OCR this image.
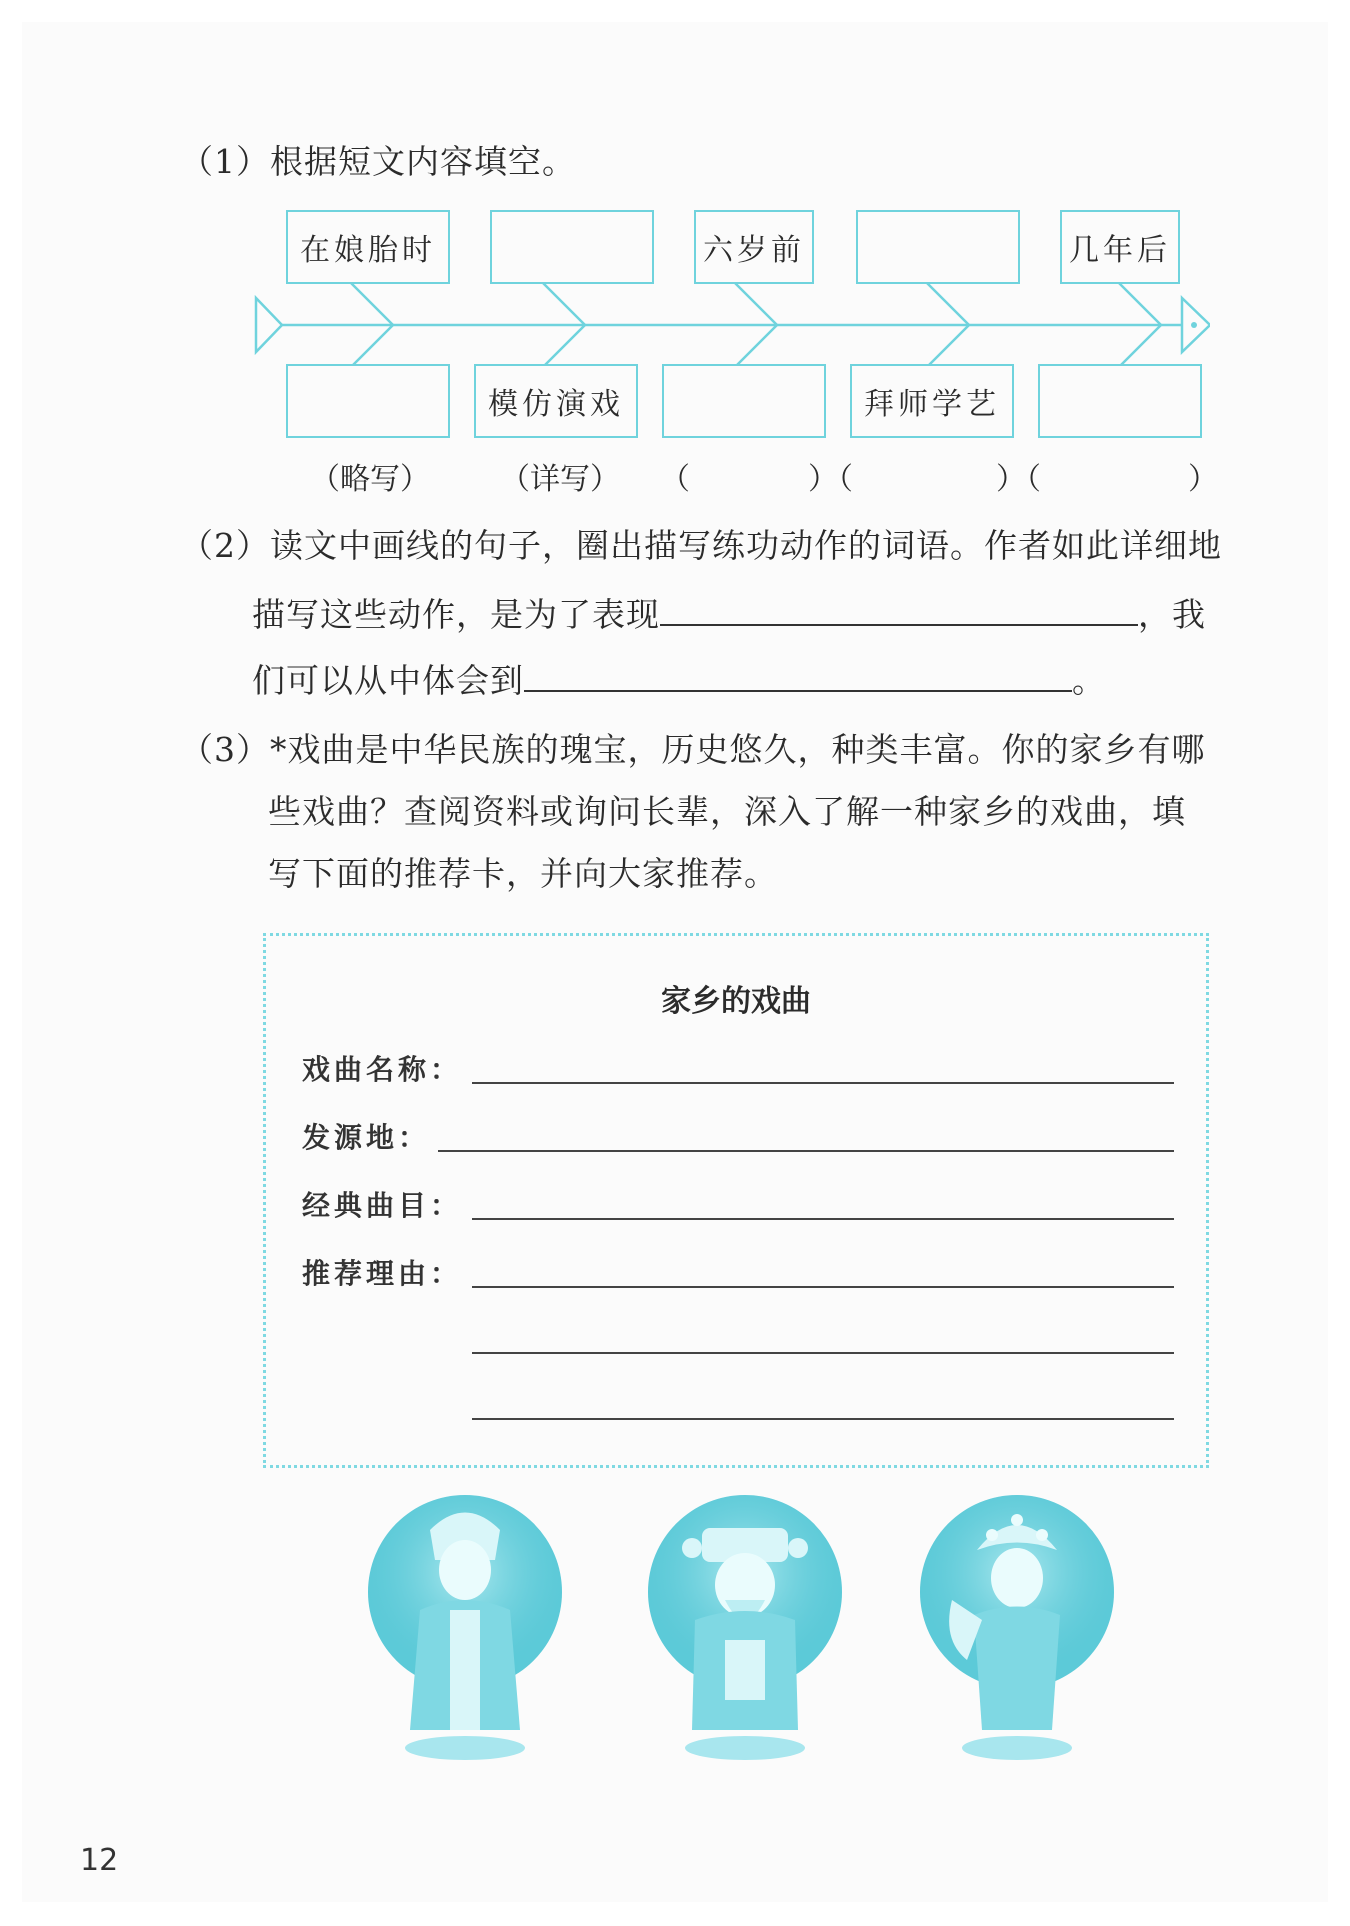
（1）根据短文内容填空。
在娘胎时	六岁前	几年后
模仿演戏	拜师学艺
（略写） （详写） （	）（	）（	）
（2）读文中画线的句子，圈出描写练功动作的词语。作者如此详细地
描写这些动作，是为了表现	，我
们可以从中体会到	。
（3）*戏曲是中华民族的瑰宝，历史悠久，种类丰富。你的家乡有哪
些戏曲？查阅资料或询问长辈，深入了解一种家乡的戏曲，填
写下面的推荐卡，并向大家推荐。
家乡的戏曲
戏曲名称：
发源地：
经典曲目：
推荐理由：
12
